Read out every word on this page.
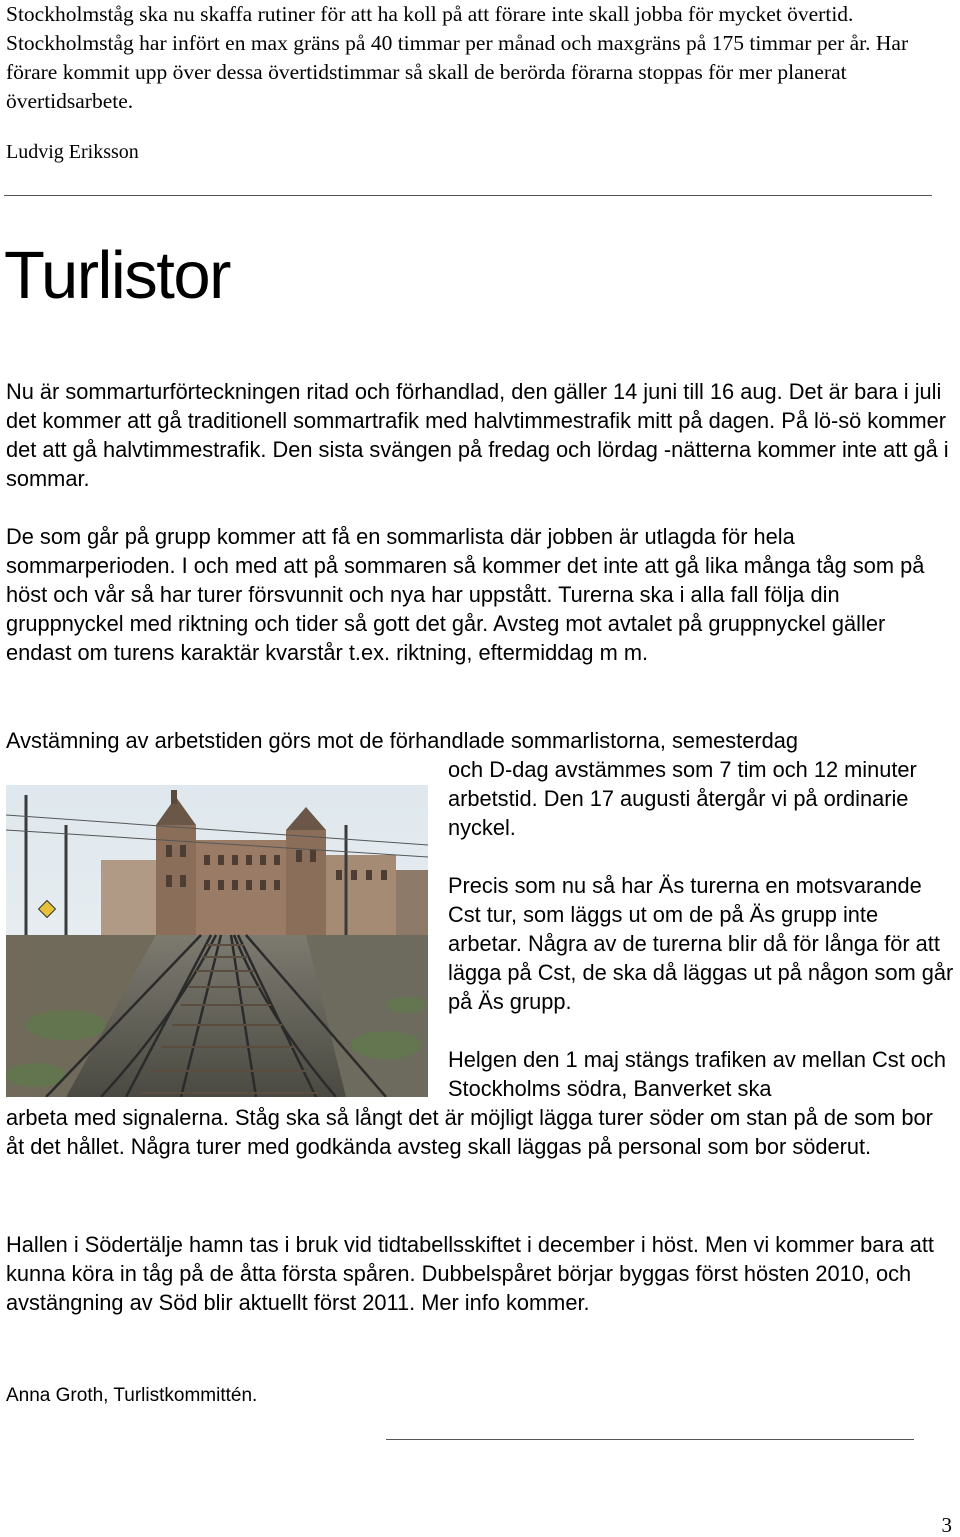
Stockholmståg ska nu skaffa rutiner för att ha koll på att förare inte skall jobba för mycket övertid. Stockholmståg har infört en max gräns på 40 timmar per månad och maxgräns på 175 timmar per år. Har förare kommit upp över dessa övertidstimmar så skall de berörda förarna stoppas för mer planerat övertidsarbete.

Ludvig Eriksson

Turlistor

Nu är sommarturförteckningen ritad och förhandlad, den gäller 14 juni till 16 aug. Det är bara i juli det kommer att gå traditionell sommartrafik med halvtimmestrafik mitt på dagen. På lö-sö kommer det att gå halvtimmestrafik. Den sista svängen på fredag och lördag -nätterna kommer inte att gå i sommar.

De som går på grupp kommer att få en sommarlista där jobben är utlagda för hela sommarperioden. I och med att på sommaren så kommer det inte att gå lika många tåg som på höst och vår så har turer försvunnit och nya har uppstått. Turerna ska i alla fall följa din gruppnyckel med riktning och tider så gott det går. Avsteg mot avtalet på gruppnyckel gäller endast om turens karaktär kvarstår t.ex. riktning, eftermiddag m m.

Avstämning av arbetstiden görs mot de förhandlade sommarlistorna, semesterdag

och D-dag avstämmes som 7 tim och 12 minuter arbetstid. Den 17 augusti återgår vi på ordinarie nyckel.

Precis som nu så har Äs turerna en motsvarande Cst tur, som läggs ut om de på Äs grupp inte arbetar. Några av de turerna blir då för långa för att lägga på Cst, de ska då läggas ut på någon som går på Äs grupp.

Helgen den 1 maj stängs trafiken av mellan Cst och Stockholms södra, Banverket ska

arbeta med signalerna. Ståg ska så långt det är möjligt lägga turer söder om stan på de som bor åt det hållet. Några turer med godkända avsteg skall läggas på personal som bor söderut.

Hallen i Södertälje hamn tas i bruk vid tidtabellsskiftet i december i höst. Men vi kommer bara att kunna köra in tåg på de åtta första spåren. Dubbelspåret börjar byggas först hösten 2010, och avstängning av Söd blir aktuellt först 2011. Mer info kommer.

Anna Groth, Turlistkommittén.

3
